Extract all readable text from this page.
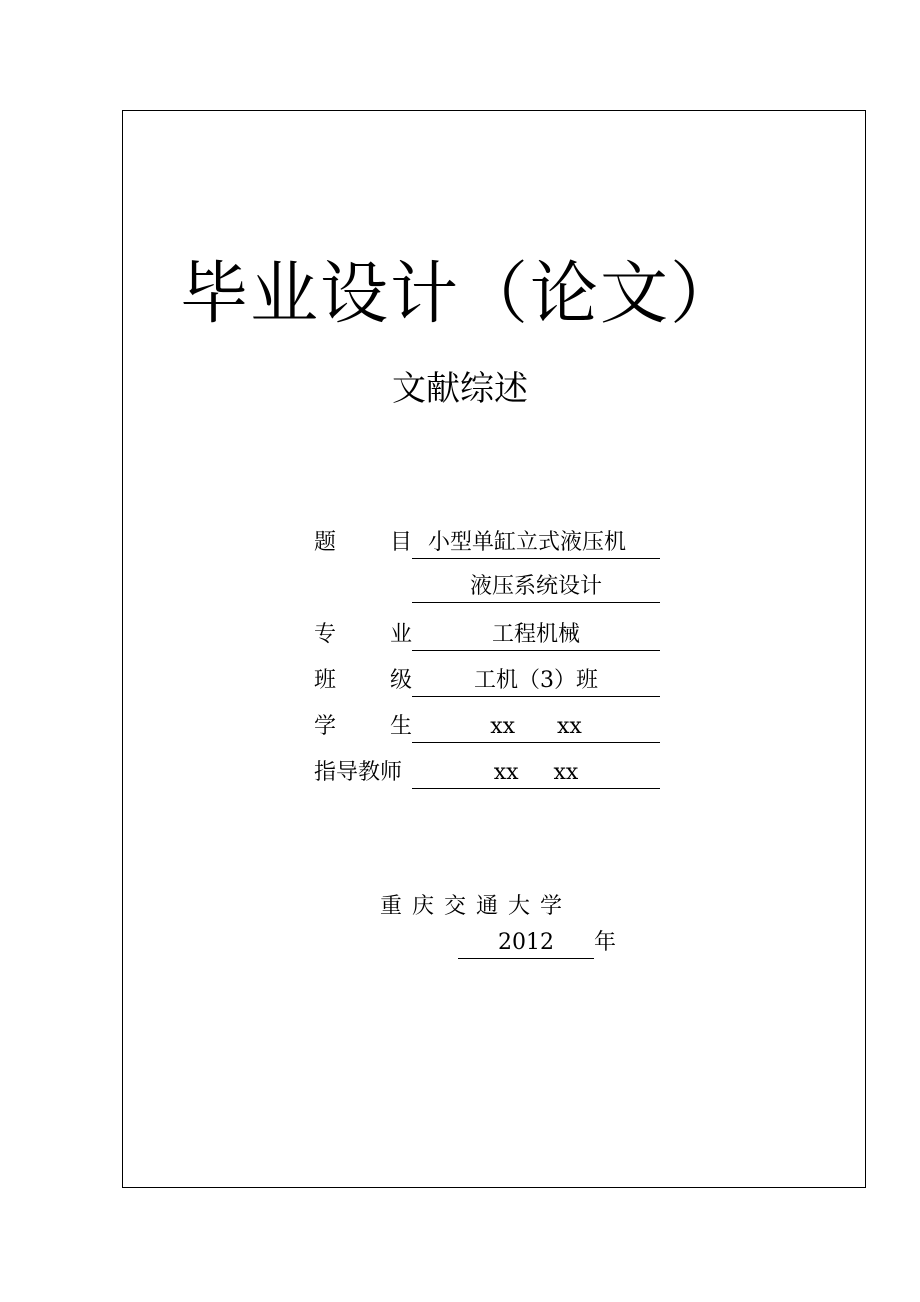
毕业设计（论文）
文献综述
题 目 小型单缸立式液压机
液压系统设计
专 业	工程机械
班 级	工机（3）班
学 生	xx      xx
指导教师	xx     xx
重庆交通大学
2012	年
